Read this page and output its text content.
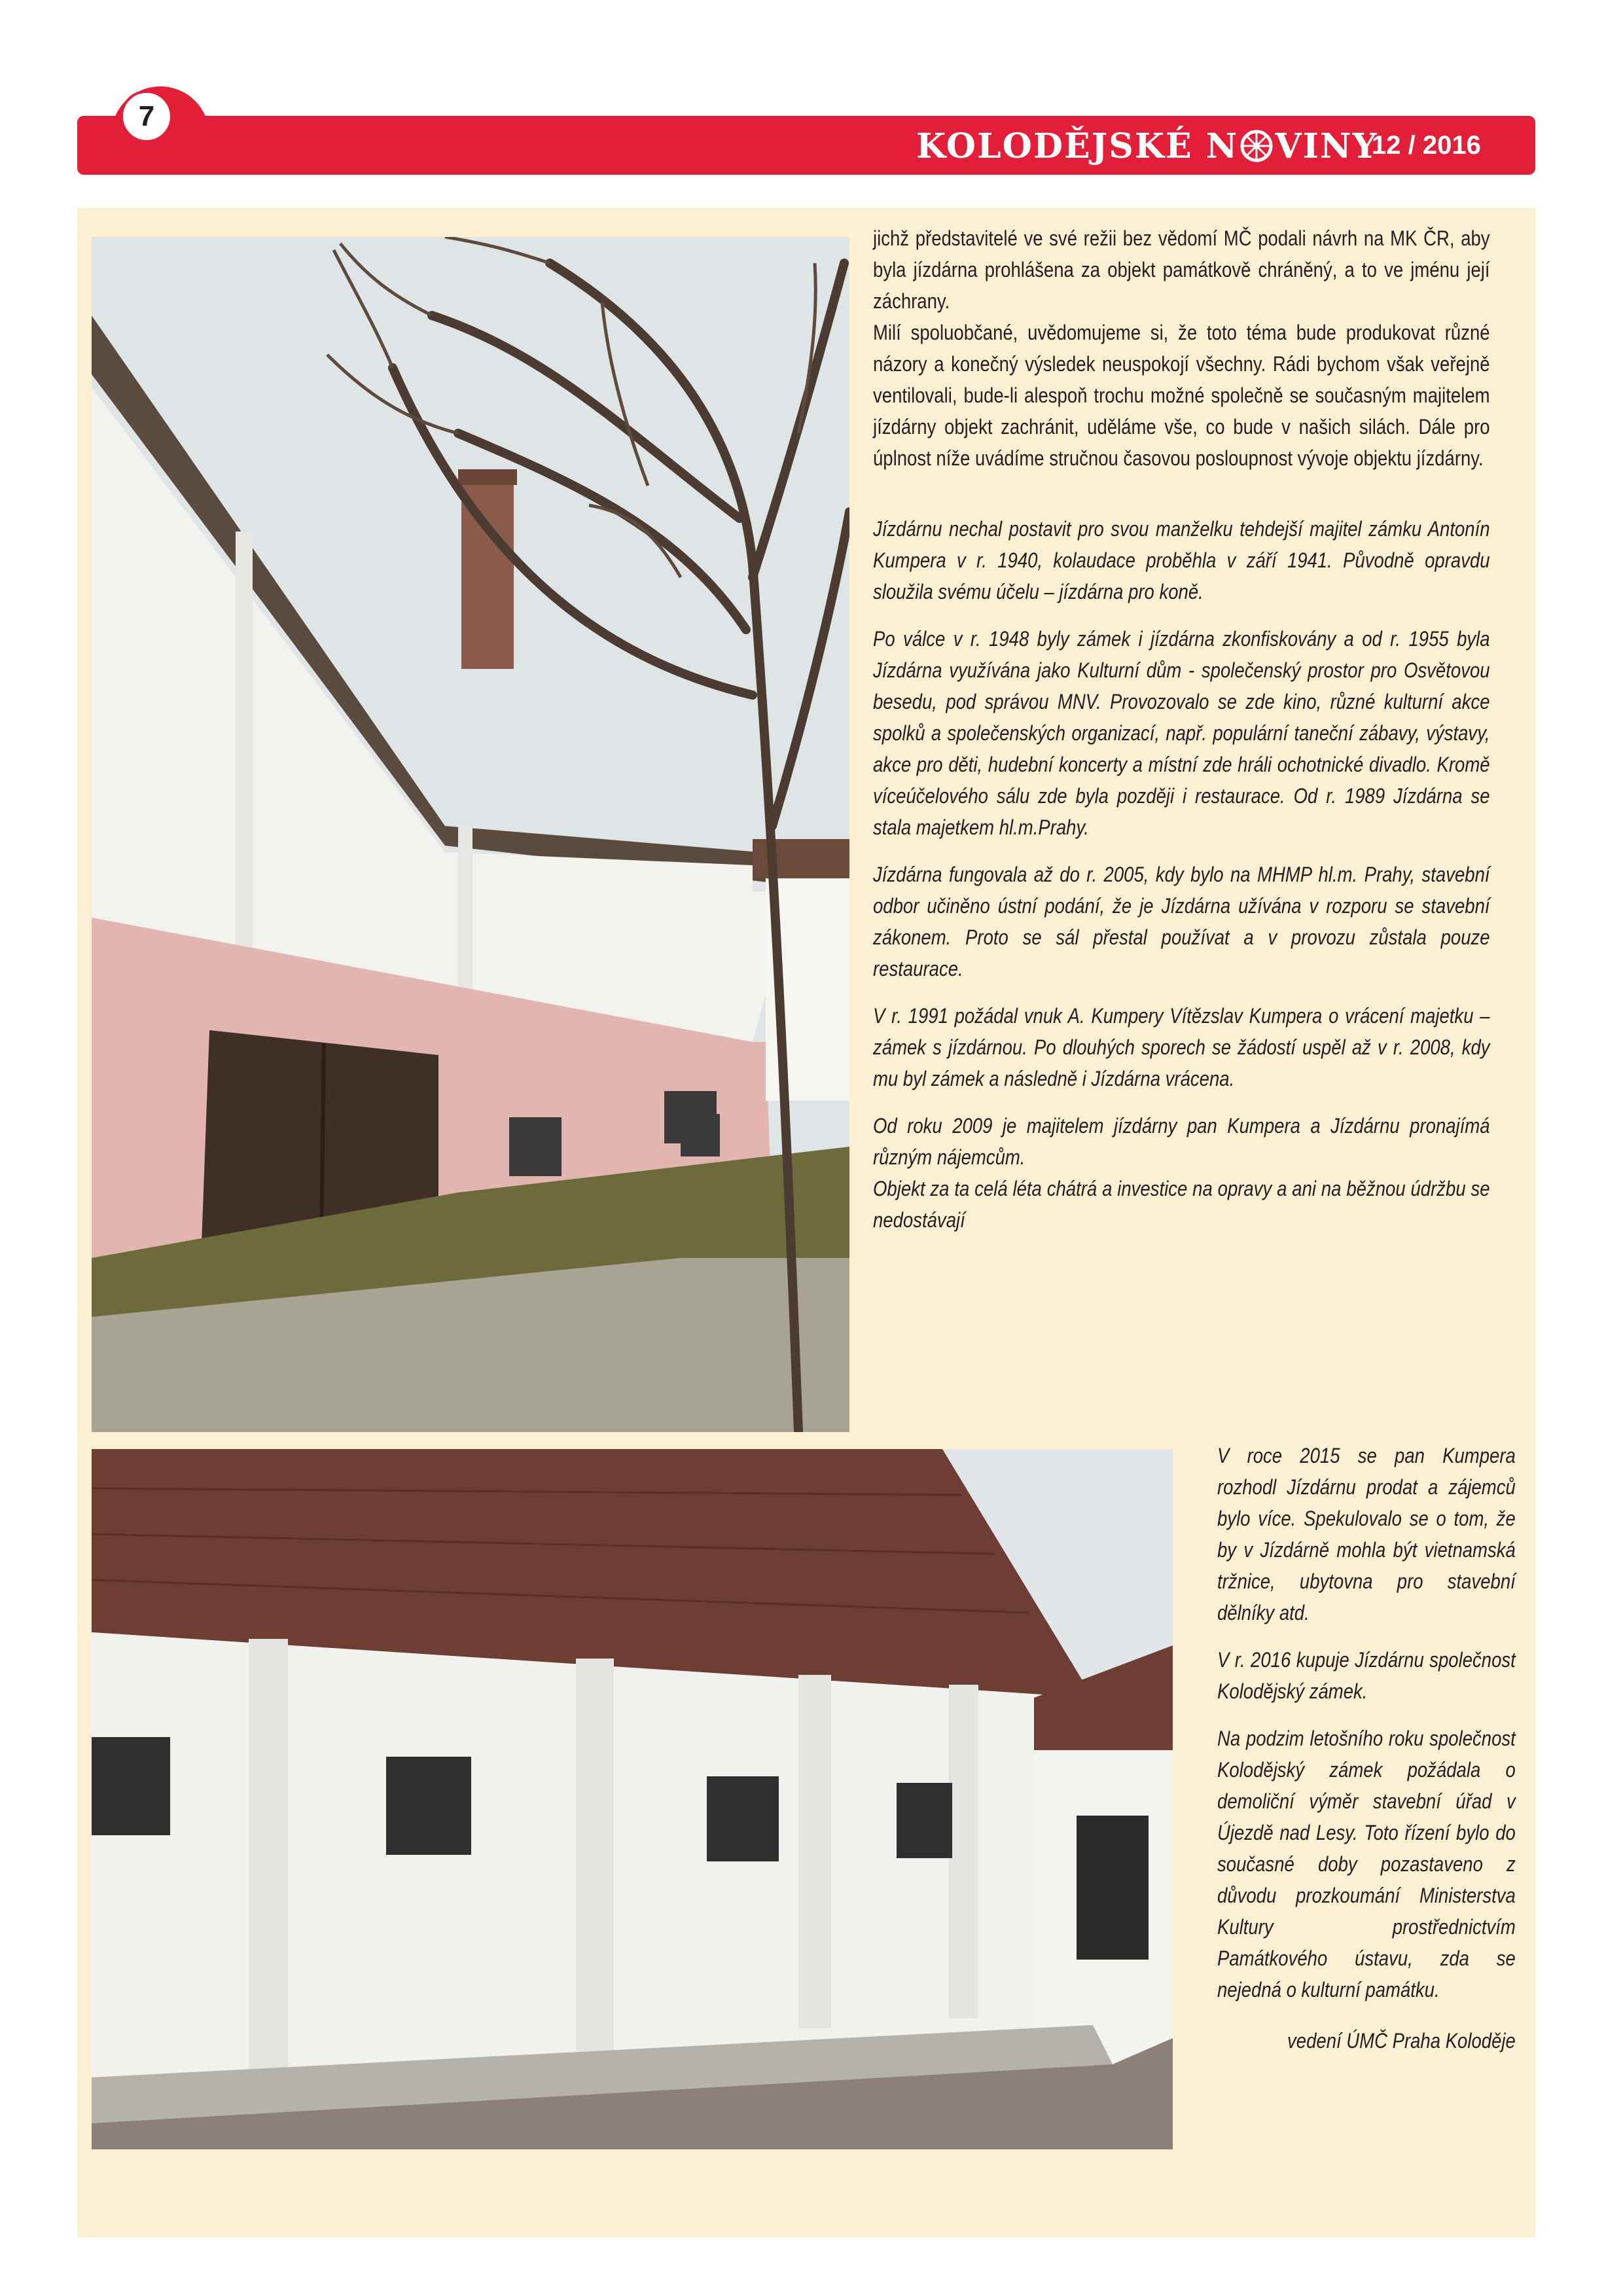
7
KOLODĚJSKÉ N VINY
12 / 2016

jichž představitelé ve své režii bez vědomí MČ podali návrh na MK ČR, aby byla jízdárna prohlášena za objekt památkově chráněný, a to ve jménu její záchrany.

Milí spoluobčané, uvědomujeme si, že toto téma bude produkovat různé názory a konečný výsledek neuspokojí všechny. Rádi bychom však veřejně ventilovali, bude-li alespoň trochu možné společně se současným majitelem jízdárny objekt zachránit, uděláme vše, co bude v našich silách. Dále pro úplnost níže uvádíme stručnou časovou posloupnost vývoje objektu jízdárny.

Jízdárnu nechal postavit pro svou manželku tehdejší majitel zámku Antonín Kumpera v r. 1940, kolaudace proběhla v září 1941. Původně opravdu sloužila svému účelu – jízdárna pro koně.

Po válce v r. 1948 byly zámek i jízdárna zkonfiskovány a od r. 1955 byla Jízdárna využívána jako Kulturní dům - společenský prostor pro Osvětovou besedu, pod správou MNV. Provozovalo se zde kino, různé kulturní akce spolků a společenských organizací, např. populární taneční zábavy, výstavy, akce pro děti, hudební koncerty a místní zde hráli ochotnické divadlo. Kromě víceúčelového sálu zde byla později i restaurace. Od r. 1989 Jízdárna se stala majetkem hl.m.Prahy.

Jízdárna fungovala až do r. 2005, kdy bylo na MHMP hl.m. Prahy, stavební odbor učiněno ústní podání, že je Jízdárna užívána v rozporu se stavební zákonem. Proto se sál přestal používat a v provozu zůstala pouze restaurace.

V r. 1991 požádal vnuk A. Kumpery Vítězslav Kumpera o vrácení majetku – zámek s jízdárnou. Po dlouhých sporech se žádostí uspěl až v r. 2008, kdy mu byl zámek a následně i Jízdárna vrácena.

Od roku 2009 je majitelem jízdárny pan Kumpera a Jízdárnu pronajímá různým nájemcům.

Objekt za ta celá léta chátrá a investice na opravy a ani na běžnou údržbu se nedostávají

V roce 2015 se pan Kumpera rozhodl Jízdárnu prodat a zájemců bylo více. Spekulovalo se o tom, že by v Jízdárně mohla být vietnamská tržnice, ubytovna pro stavební dělníky atd.

V r. 2016 kupuje Jízdárnu společnost Kolodějský zámek.

Na podzim letošního roku společnost Kolodějský zámek požádala o demoliční výměr stavební úřad v Újezdě nad Lesy. Toto řízení bylo do současné doby pozastaveno z důvodu prozkoumání Ministerstva Kultury prostřednictvím Památkového ústavu, zda se nejedná o kulturní památku.

vedení ÚMČ Praha Koloděje
